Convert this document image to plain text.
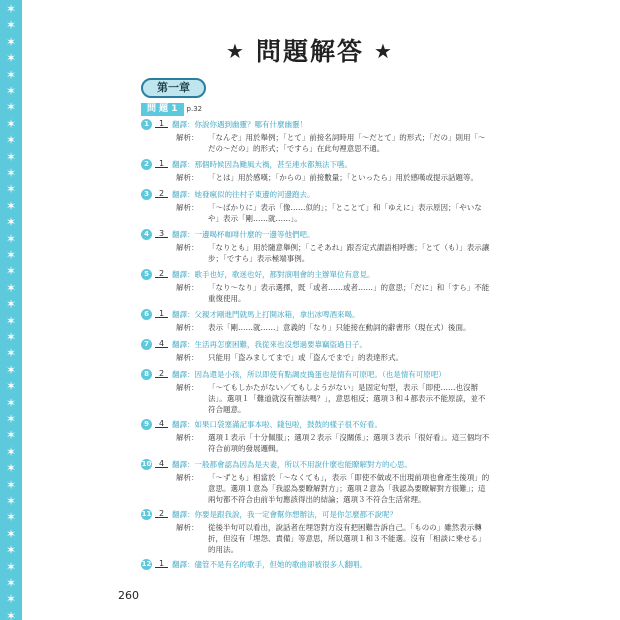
✶
✶
✶
✶
✶
✶
✶
✶
✶
✶
✶
✶
✶
✶
✶
✶
✶
✶
✶
✶
✶
✶
✶
✶
✶
✶
✶
✶
✶
✶
✶
✶
✶
✶
✶
✶
✶
✶
★ 問題解答 ★
第一章
問 題 1 p.32
1	1	翻譯：你說你遇到幽靈？哪有什麼幽靈！
解析： 「なんぞ」用於舉例；「とて」前接名詞時用「～だとて」的形式；「だの」則用「～だの～だの」的形式；「ですら」在此句裡意思不通。
2	1	翻譯：那個時候因為颱風大禍，甚至連水都無法下嚥。
解析： 「とは」用於感嘆；「からの」前接數量；「といったら」用於感嘆或提示話題等。
3	2	翻譯：她發瘋似的往村子東邊的河邊跑去。
解析： 「～ばかりに」表示「像……似的」；「とことて」和「ゆえに」表示原因；「やいなや」表示「剛……就……」。
4	3	翻譯：一邊喝杯咖啡什麼的一邊等他們吧。
解析： 「なりとも」用於隨意舉例；「こそあれ」跟否定式謂語相呼應；「とて（も）」表示讓步；「ですら」表示極端事例。
5	2	翻譯：歌手也好，歌迷也好，都對演唱會的主辦單位有意見。
解析： 「なり～なり」表示選擇，既「或者……或者……」的意思；「だに」和「すら」不能重復使用。
6	1	翻譯：父親才剛進門就馬上打開冰箱，拿出冰啤酒來喝。
解析： 表示「剛……就……」意義的「なり」只能接在動詞的辭書形（現在式）後面。
7	4	翻譯：生活再怎麼困難，我從來也沒想過要靠竊盜過日子。
解析： 只能用「盗みましてまで」或「盗んでまで」的表達形式。
8	2	翻譯：因為還是小孩，所以即使有點調皮搗蛋也是情有可原吧。（也是情有可原吧）
解析： 「～てもしかたがない／てもしようがない」是固定句型，表示「即使……也沒辦法」。選項１「難道就沒有辦法嗎？」，意思相反；選項３和４都表示不能原諒，並不符合題意。
9	4	翻譯：如果口袋塞滿記事本啦、錢包啦，鼓鼓的樣子很不好看。
解析： 選項１表示「十分佩服」；選項２表示「沒關係」；選項３表示「很好看」。這三個均不符合前項的發展邏輯。
10 4	翻譯：一般都會認為因為是夫妻，所以不用說什麼也能瞭解對方的心思。
解析： 「～ずとも」相當於「～なくても」，表示「即使不做或不出現前項也會產生後項」的意思。選項１意為「我認為要瞭解對方」；選項２意為「我認為要瞭解對方很難」；這兩句都不符合由前半句應該得出的結論；選項３不符合生活常理。
11 2	翻譯：你要是跟我說，我一定會幫你想辦法，可是你怎麼都不說呢？
解析： 從後半句可以看出，說話者在埋怨對方沒有把困難告訴自己。「ものの」雖然表示轉折，但沒有「埋怨、責備」等意思，所以選項１和３不能選。沒有「相談に乗せる」的用法。
12 1	翻譯：儘管不是有名的歌手，但她的歌曲卻被很多人翻唱。
260
